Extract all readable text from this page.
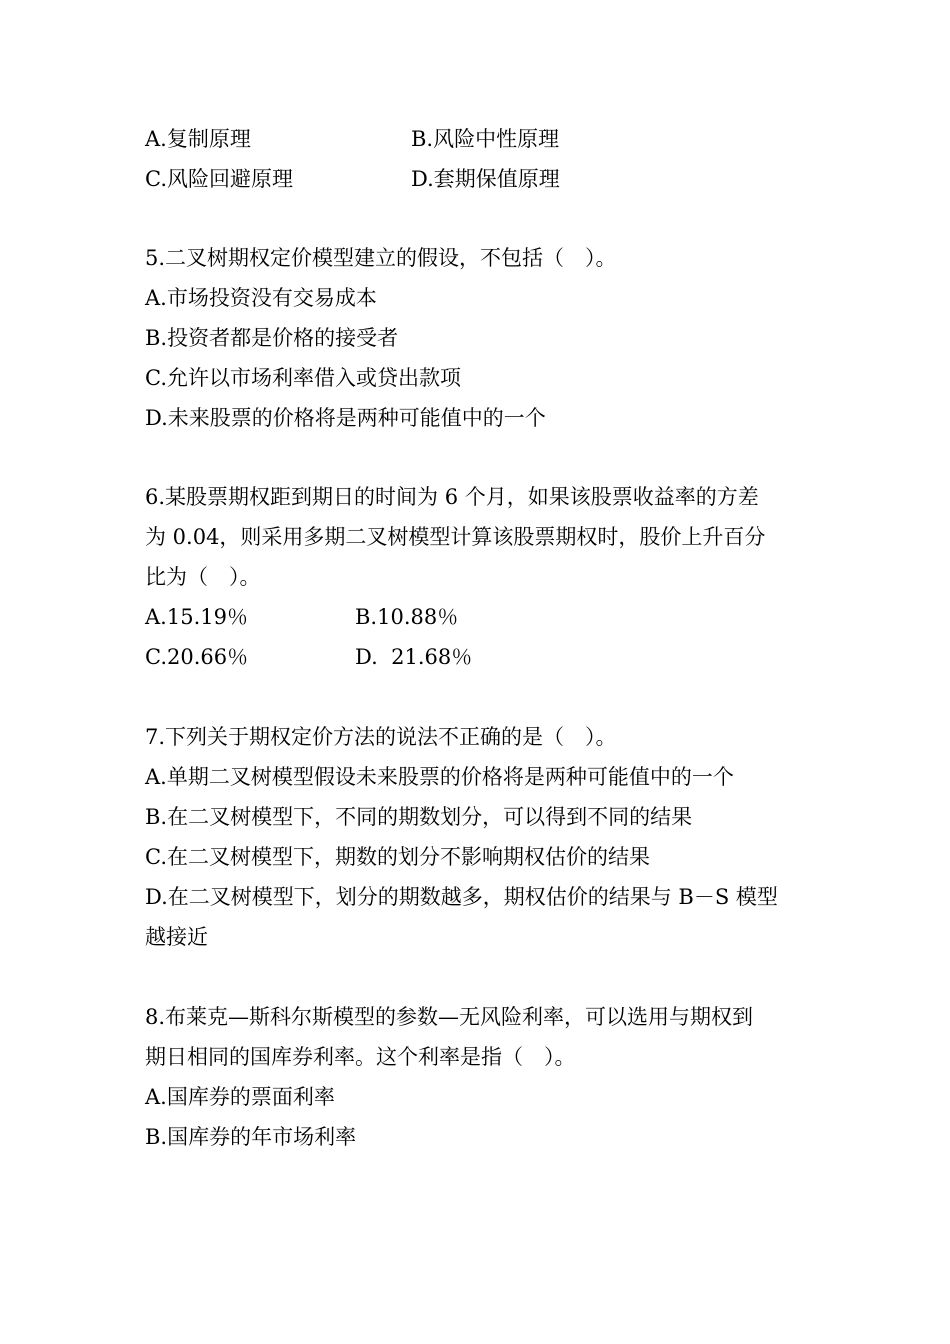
A.复制原理	B.风险中性原理
C.风险回避原理	D.套期保值原理
5.二叉树期权定价模型建立的假设，不包括（　）。
A.市场投资没有交易成本
B.投资者都是价格的接受者
C.允许以市场利率借入或贷出款项
D.未来股票的价格将是两种可能值中的一个
6.某股票期权距到期日的时间为 6 个月，如果该股票收益率的方差
为 0.04，则采用多期二叉树模型计算该股票期权时，股价上升百分
比为（　）。
A.15.19％	B.10.88％
C.20.66％	D.  21.68％
7.下列关于期权定价方法的说法不正确的是（　）。
A.单期二叉树模型假设未来股票的价格将是两种可能值中的一个
B.在二叉树模型下，不同的期数划分，可以得到不同的结果
C.在二叉树模型下，期数的划分不影响期权估价的结果
D.在二叉树模型下，划分的期数越多，期权估价的结果与 B－S 模型
越接近
8.布莱克—斯科尔斯模型的参数—无风险利率，可以选用与期权到
期日相同的国库券利率。这个利率是指（　）。
A.国库券的票面利率
B.国库券的年市场利率
